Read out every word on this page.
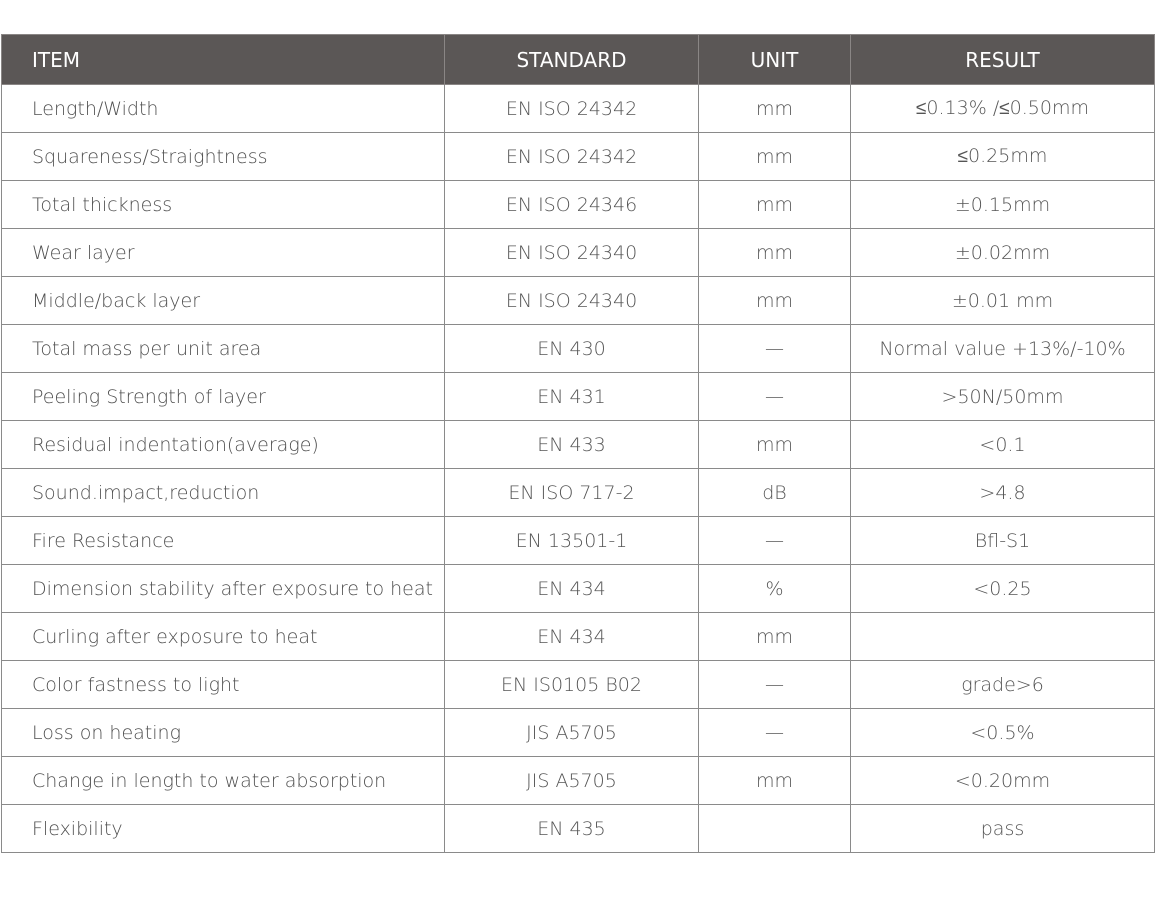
ITEM	STANDARD	UNIT	RESULT
Length/Width	EN ISO 24342	mm	≤0.13% /≤0.50mm
Squareness/Straightness	EN ISO 24342	mm	≤0.25mm
Total thickness	EN ISO 24346	mm	±0.15mm
Wear layer	EN ISO 24340	mm	±0.02mm
Middle/back layer	EN ISO 24340	mm	±0.01 mm
Total mass per unit area	EN 430	—	Normal value +13%/-10%
Peeling Strength of layer	EN 431	—	>50N/50mm
Residual indentation(average)	EN 433	mm	<0.1
Sound.impact,reduction	EN ISO 717-2	dB	>4.8
Fire Resistance	EN 13501-1	—	Bfl-S1
Dimension stability after exposure to heat	EN 434	%	<0.25
Curling after exposure to heat	EN 434	mm	
Color fastness to light	EN IS0105 B02	—	grade>6
Loss on heating	JIS A5705	—	<0.5%
Change in length to water absorption	JIS A5705	mm	<0.20mm
Flexibility	EN 435		pass
